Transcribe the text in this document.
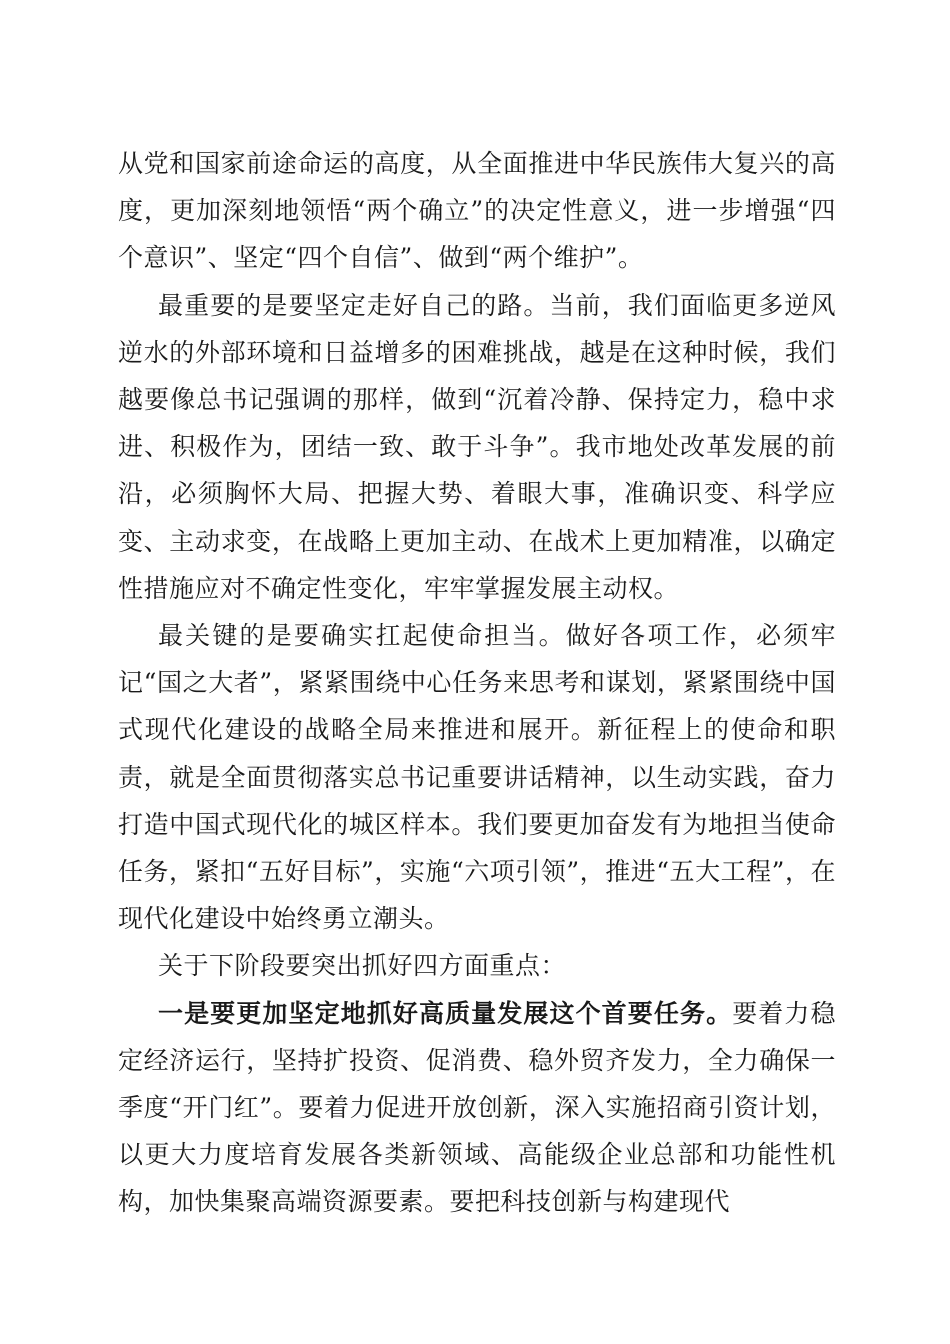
从党和国家前途命运的高度，从全面推进中华民族伟大复兴的高度，更加深刻地领悟“两个确立”的决定性意义，进一步增强“四个意识”、坚定“四个自信”、做到“两个维护”。

最重要的是要坚定走好自己的路。当前，我们面临更多逆风逆水的外部环境和日益增多的困难挑战，越是在这种时候，我们越要像总书记强调的那样，做到“沉着冷静、保持定力，稳中求进、积极作为，团结一致、敢于斗争”。我市地处改革发展的前沿，必须胸怀大局、把握大势、着眼大事，准确识变、科学应变、主动求变，在战略上更加主动、在战术上更加精准，以确定性措施应对不确定性变化，牢牢掌握发展主动权。

最关键的是要确实扛起使命担当。做好各项工作，必须牢记“国之大者”，紧紧围绕中心任务来思考和谋划，紧紧围绕中国式现代化建设的战略全局来推进和展开。新征程上的使命和职责，就是全面贯彻落实总书记重要讲话精神，以生动实践，奋力打造中国式现代化的城区样本。我们要更加奋发有为地担当使命任务，紧扣“五好目标”，实施“六项引领”，推进“五大工程”，在现代化建设中始终勇立潮头。

关于下阶段要突出抓好四方面重点：

一是要更加坚定地抓好高质量发展这个首要任务。要着力稳定经济运行，坚持扩投资、促消费、稳外贸齐发力，全力确保一季度“开门红”。要着力促进开放创新，深入实施招商引资计划，以更大力度培育发展各类新领域、高能级企业总部和功能性机构，加快集聚高端资源要素。要把科技创新与构建现代
